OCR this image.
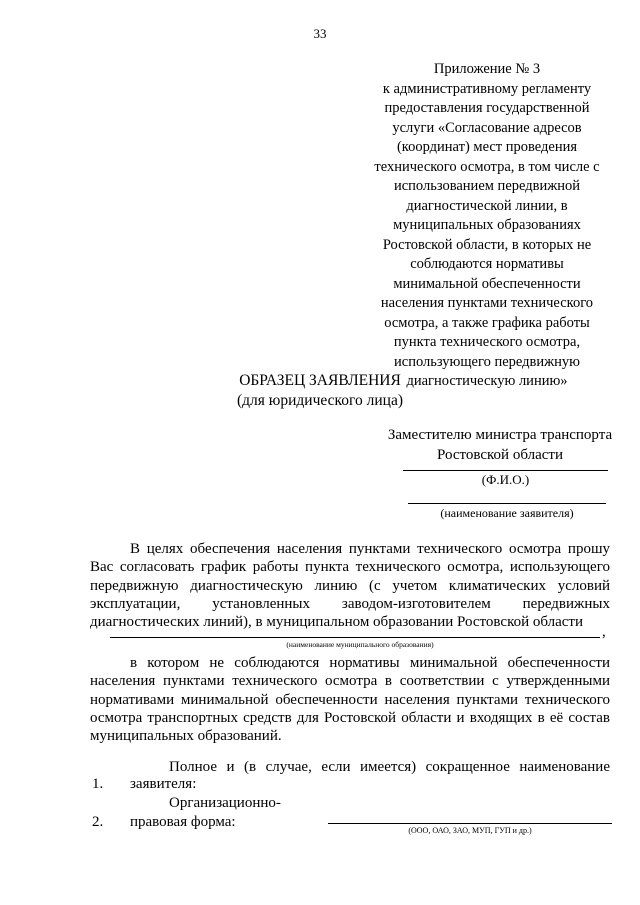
33
Приложение № 3
к административному регламенту
предоставления государственной
услуги «Согласование адресов
(координат) мест проведения
технического осмотра, в том числе с
использованием передвижной
диагностической линии, в
муниципальных образованиях
Ростовской области, в которых не
соблюдаются нормативы
минимальной обеспеченности
населения пунктами технического
осмотра, а также графика работы
пункта технического осмотра,
использующего передвижную
диагностическую линию»
ОБРАЗЕЦ ЗАЯВЛЕНИЯ
(для юридического лица)
Заместителю министра транспорта
Ростовской области
(Ф.И.О.)
(наименование заявителя)
В целях обеспечения населения пунктами технического осмотра прошу
Вас согласовать график работы пункта технического осмотра, использующего
передвижную диагностическую линию (с учетом климатических условий
эксплуатации, установленных заводом-изготовителем передвижных
диагностических линий), в муниципальном образовании Ростовской области
,
(наименование муниципального образования)
в котором не соблюдаются нормативы минимальной обеспеченности
населения пунктами технического осмотра в соответствии с утвержденными
нормативами минимальной обеспеченности населения пунктами технического
осмотра транспортных средств для Ростовской области и входящих в её состав
муниципальных образований.
Полное и (в случае, если имеется) сокращенное наименование
1. заявителя:
Организационно-
2. правовая форма:
(ООО, ОАО, ЗАО, МУП, ГУП и др.)
